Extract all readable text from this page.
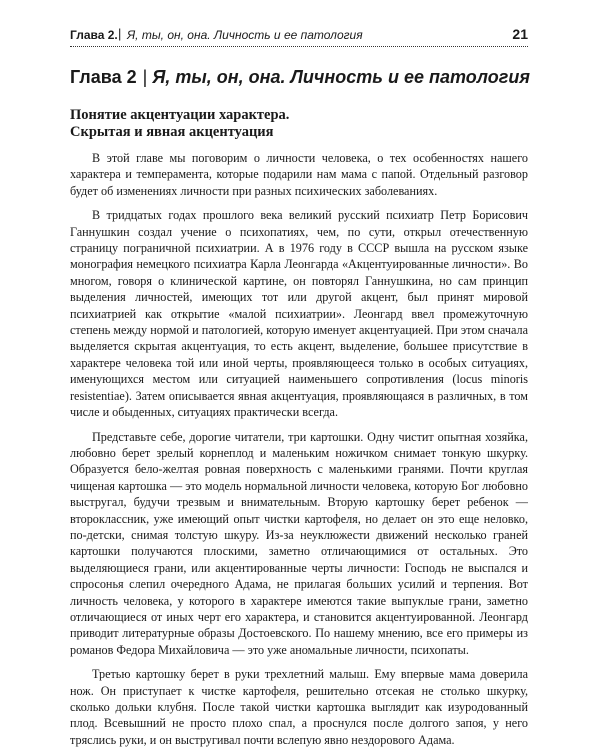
Глава 2. | Я, ты, он, она. Личность и ее патология	21
Глава 2 | Я, ты, он, она. Личность и ее патология
Понятие акцентуации характера.
Скрытая и явная акцентуация

В этой главе мы поговорим о личности человека, о тех особенностях нашего характера и темперамента, которые подарили нам мама с папой. Отдельный разговор будет об изменениях личности при разных психических заболеваниях.

В тридцатых годах прошлого века великий русский психиатр Петр Борисович Ганнушкин создал учение о психопатиях, чем, по сути, открыл отечественную страницу пограничной психиатрии. А в 1976 году в СССР вышла на русском языке монография немецкого психиатра Карла Леонгарда «Акцентуированные личности». Во многом, говоря о клинической картине, он повторял Ганнушкина, но сам принцип выделения личностей, имеющих тот или другой акцент, был принят мировой психиатрией как открытие «малой психиатрии». Леонгард ввел промежуточную степень между нормой и патологией, которую именует акцентуацией. При этом сначала выделяется скрытая акцентуация, то есть акцент, выделение, большее присутствие в характере человека той или иной черты, проявляющееся только в особых ситуациях, именующихся местом или ситуацией наименьшего сопротивления (locus minoris resistentiae). Затем описывается явная акцентуация, проявляющаяся в различных, в том числе и обыденных, ситуациях практически всегда.

Представьте себе, дорогие читатели, три картошки. Одну чистит опытная хозяйка, любовно берет зрелый корнеплод и маленьким ножичком снимает тонкую шкурку. Образуется бело-желтая ровная поверхность с маленькими гранями. Почти круглая чищеная картошка — это модель нормальной личности человека, которую Бог любовно выстругал, будучи трезвым и внимательным. Вторую картошку берет ребенок — второклассник, уже имеющий опыт чистки картофеля, но делает он это еще неловко, по-детски, снимая толстую шкуру. Из-за неуклюжести движений несколько граней картошки получаются плоскими, заметно отличающимися от остальных. Это выделяющиеся грани, или акцентированные черты личности: Господь не выспался и спросонья слепил очередного Адама, не прилагая больших усилий и терпения. Вот личность человека, у которого в характере имеются такие выпуклые грани, заметно отличающиеся от иных черт его характера, и становится акцентуированной. Леонгард приводит литературные образы Достоевского. По нашему мнению, все его примеры из романов Федора Михайловича — это уже аномальные личности, психопаты.

Третью картошку берет в руки трехлетний малыш. Ему впервые мама доверила нож. Он приступает к чистке картофеля, решительно отсекая не столько шкурку, сколько дольки клубня. После такой чистки картошка выглядит как изуродованный плод. Всевышний не просто плохо спал, а проснулся после долгого запоя, у него тряслись руки, и он выстругивал почти вслепую явно нездорового Адама.
